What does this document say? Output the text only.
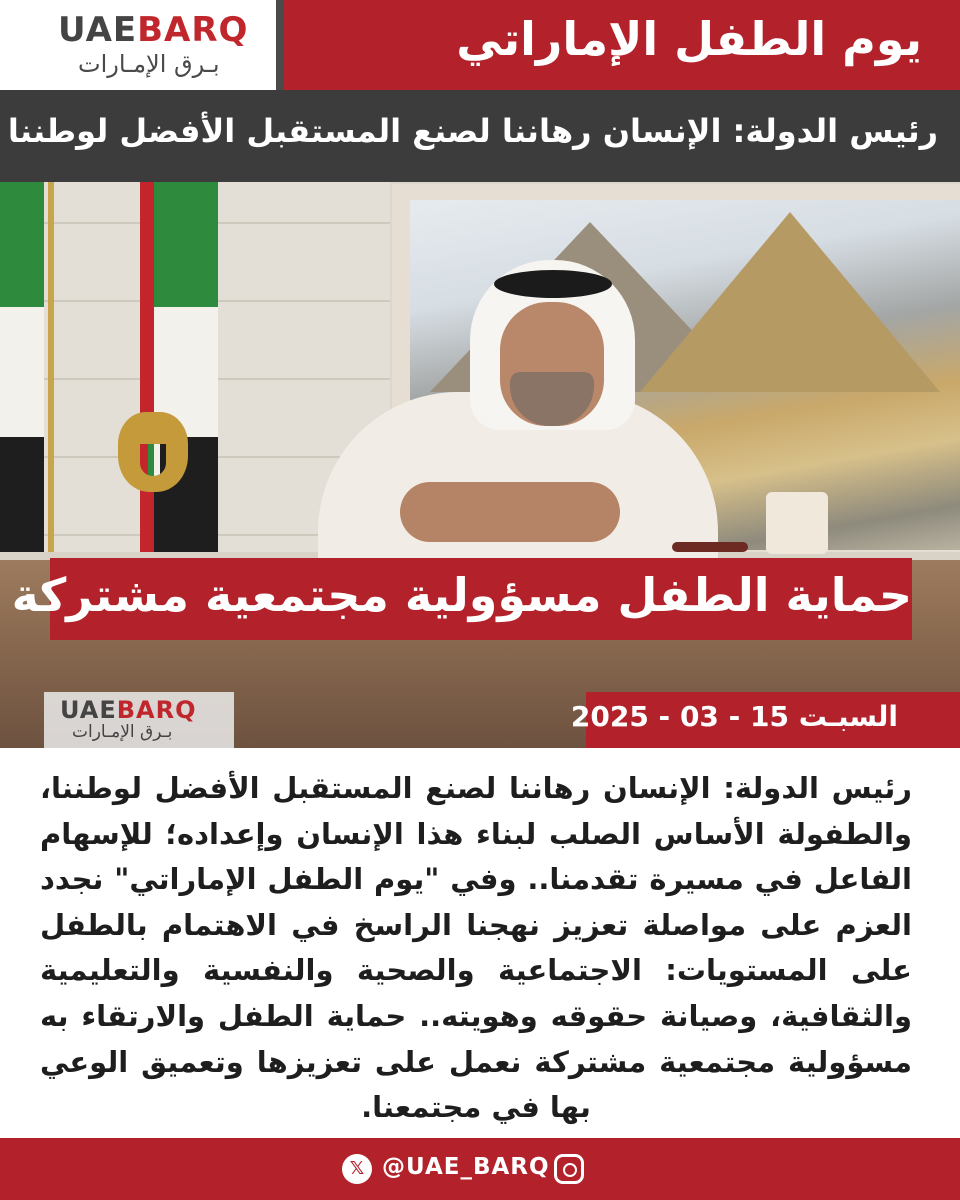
UAEBARQ
بـرق الإمـارات	يوم الطفل الإماراتي
رئيس الدولة: الإنسان رهاننا لصنع المستقبل الأفضل لوطننا
حماية الطفل مسؤولية مجتمعية مشتركة
UAEBARQ
بـرق الإمـارات	السبـت 15 - 03 - 2025
رئيس الدولة: الإنسان رهاننا لصنع المستقبل الأفضل لوطننا، والطفولة الأساس الصلب لبناء هذا الإنسان وإعداده؛ للإسهام الفاعل في مسيرة تقدمنا.. وفي "يوم الطفل الإماراتي" نجدد العزم على مواصلة تعزيز نهجنا الراسخ في الاهتمام بالطفل على المستويات: الاجتماعية والصحية والنفسية والتعليمية والثقافية، وصيانة حقوقه وهويته.. حماية الطفل والارتقاء به مسؤولية مجتمعية مشتركة نعمل على تعزيزها وتعميق الوعي بها في مجتمعنا.
𝕏 @UAE_BARQ
